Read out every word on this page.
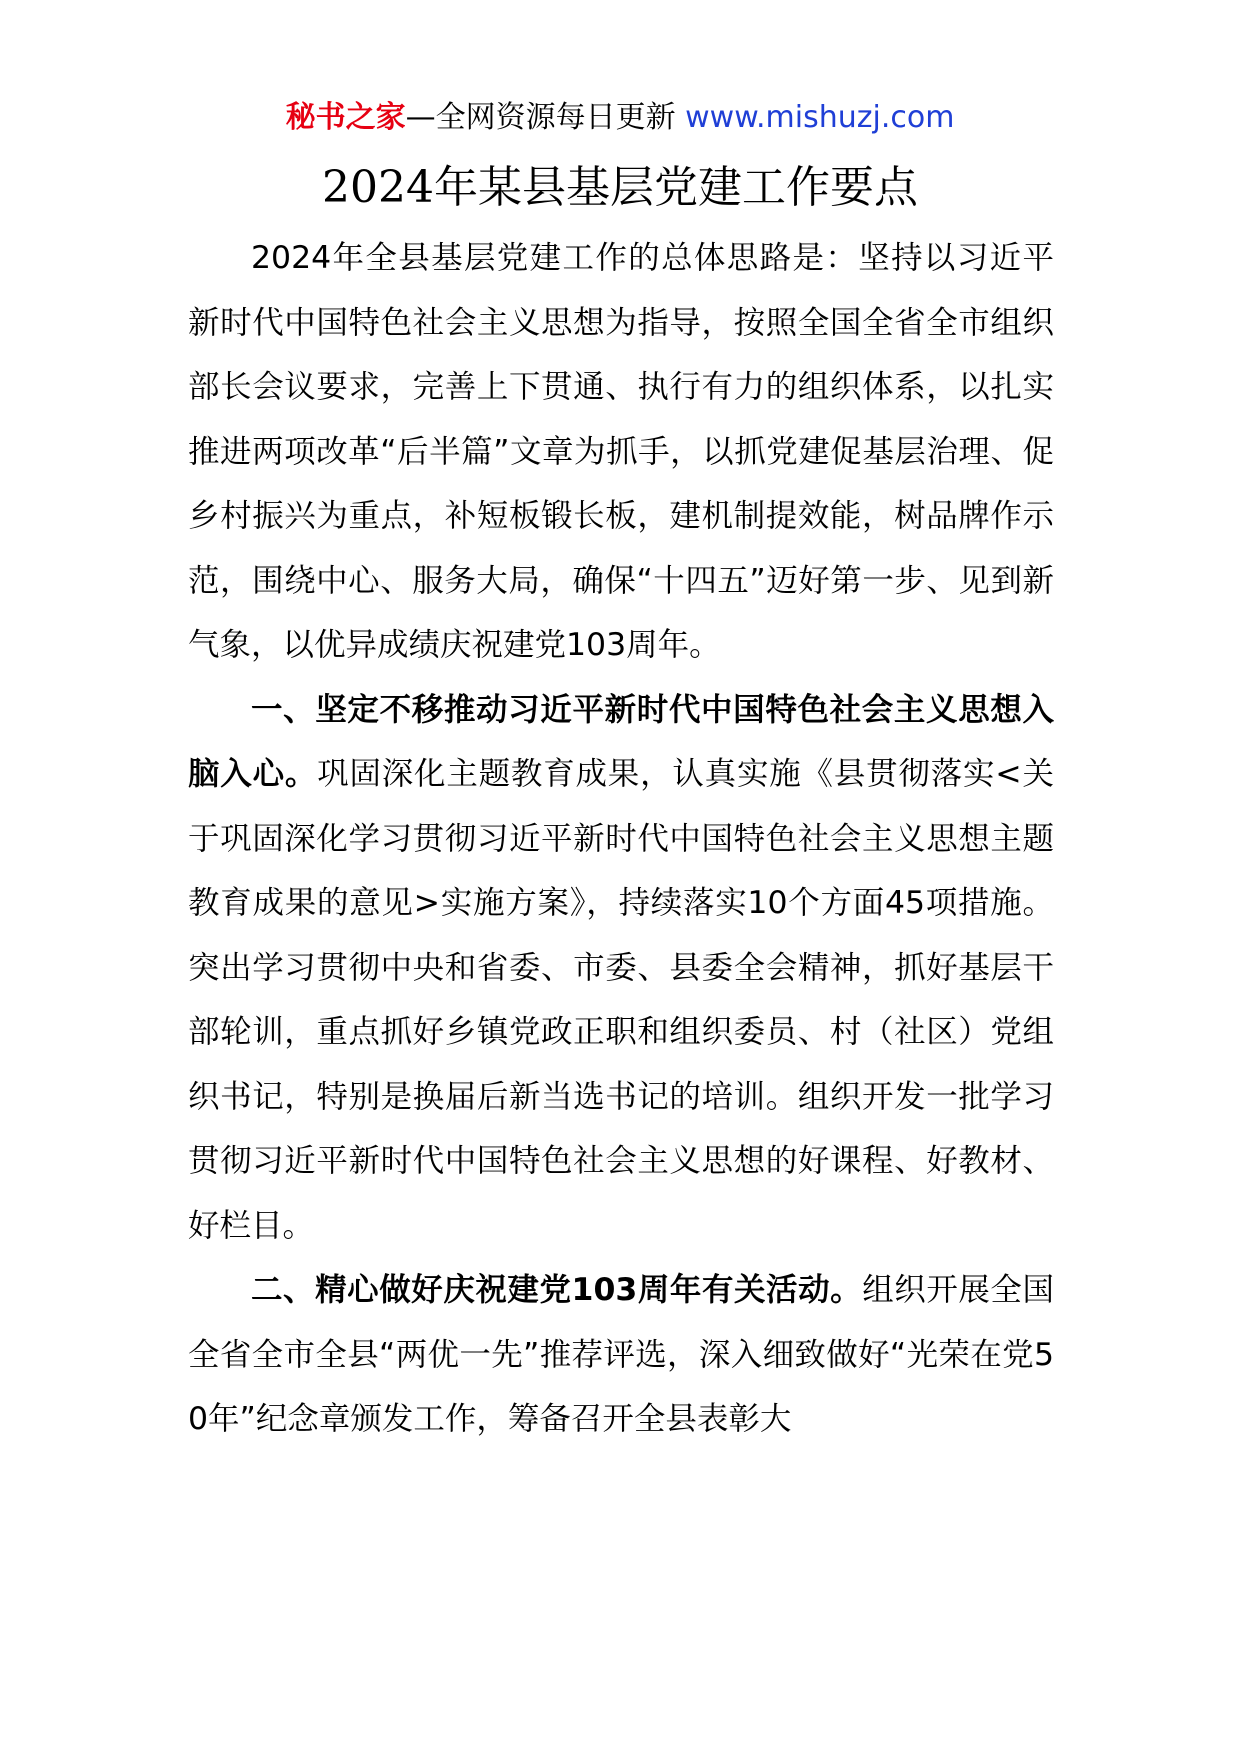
秘书之家—全网资源每日更新 www.mishuzj.com
2024年某县基层党建工作要点

2024年全县基层党建工作的总体思路是：坚持以习近平新时代中国特色社会主义思想为指导，按照全国全省全市组织部长会议要求，完善上下贯通、执行有力的组织体系，以扎实推进两项改革“后半篇”文章为抓手，以抓党建促基层治理、促乡村振兴为重点，补短板锻长板，建机制提效能，树品牌作示范，围绕中心、服务大局，确保“十四五”迈好第一步、见到新气象，以优异成绩庆祝建党103周年。

一、坚定不移推动习近平新时代中国特色社会主义思想入脑入心。巩固深化主题教育成果，认真实施《县贯彻落实<关于巩固深化学习贯彻习近平新时代中国特色社会主义思想主题教育成果的意见>实施方案》，持续落实10个方面45项措施。突出学习贯彻中央和省委、市委、县委全会精神，抓好基层干部轮训，重点抓好乡镇党政正职和组织委员、村（社区）党组织书记，特别是换届后新当选书记的培训。组织开发一批学习贯彻习近平新时代中国特色社会主义思想的好课程、好教材、好栏目。

二、精心做好庆祝建党103周年有关活动。组织开展全国全省全市全县“两优一先”推荐评选，深入细致做好“光荣在党50年”纪念章颁发工作，筹备召开全县表彰大
